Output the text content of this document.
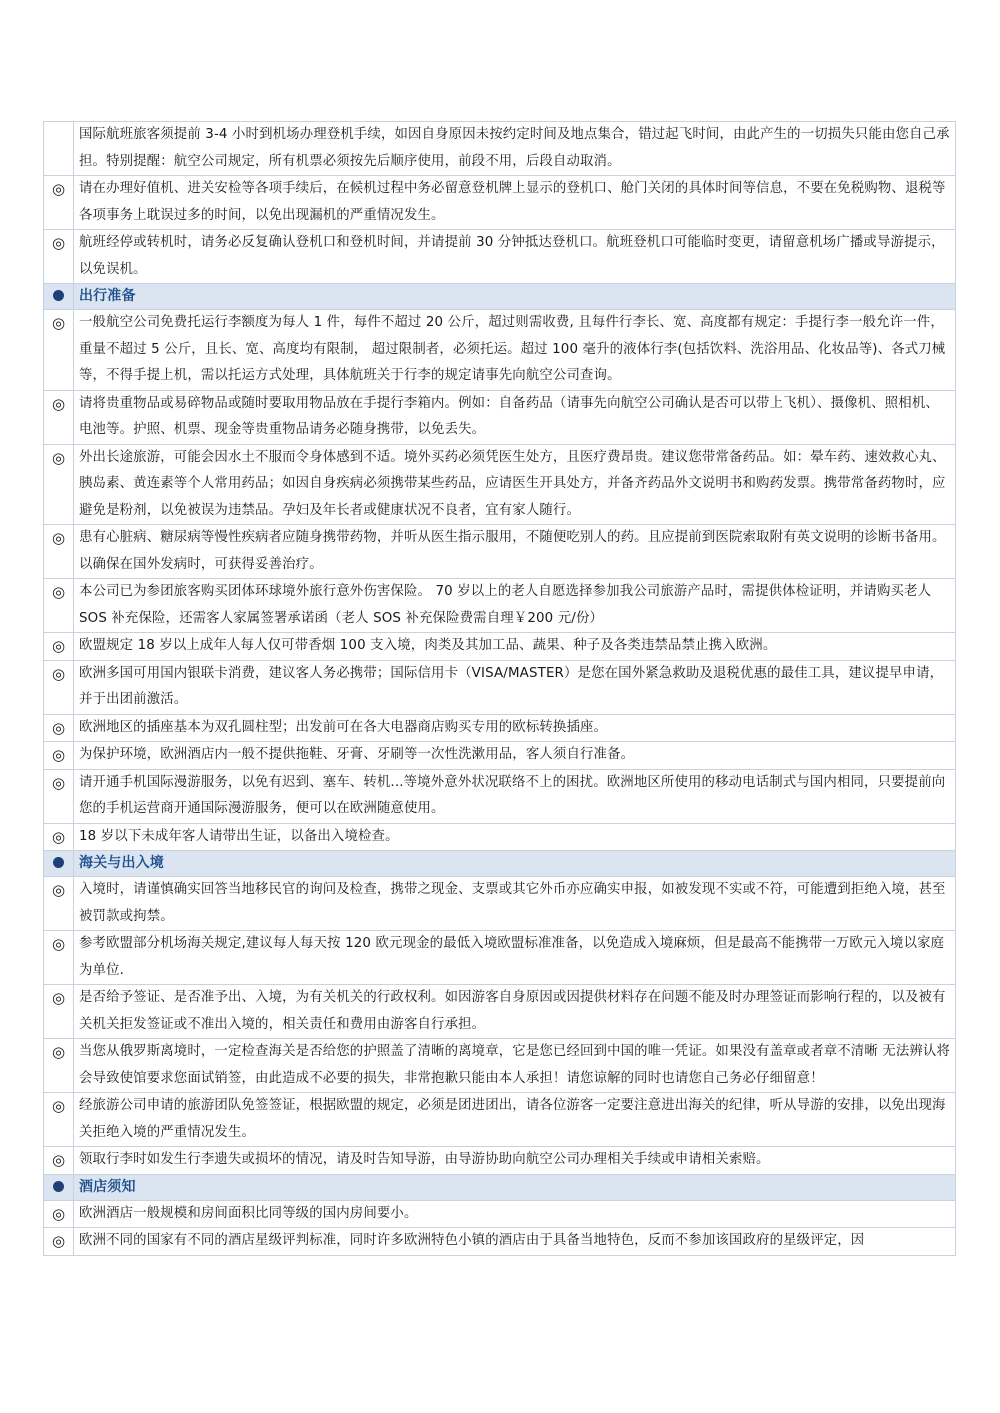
	国际航班旅客须提前 3-4 小时到机场办理登机手续，如因自身原因未按约定时间及地点集合，错过起飞时间，由此产生的一切损失只能由您自己承担。特别提醒：航空公司规定，所有机票必须按先后顺序使用，前段不用，后段自动取消。
◎	请在办理好值机、进关安检等各项手续后，在候机过程中务必留意登机牌上显示的登机口、舱门关闭的具体时间等信息，不要在免税购物、退税等各项事务上耽误过多的时间，以免出现漏机的严重情况发生。
◎	航班经停或转机时，请务必反复确认登机口和登机时间，并请提前 30 分钟抵达登机口。航班登机口可能临时变更，请留意机场广播或导游提示，以免误机。
	出行准备
◎	一般航空公司免费托运行李额度为每人 1 件，每件不超过 20 公斤，超过则需收费, 且每件行李长、宽、高度都有规定：手提行李一般允许一件，重量不超过 5 公斤，且长、宽、高度均有限制， 超过限制者，必须托运。超过 100 毫升的液体行李(包括饮料、洗浴用品、化妆品等)、各式刀械等，不得手提上机，需以托运方式处理，具体航班关于行李的规定请事先向航空公司查询。
◎	请将贵重物品或易碎物品或随时要取用物品放在手提行李箱内。例如：自备药品（请事先向航空公司确认是否可以带上飞机）、摄像机、照相机、电池等。护照、机票、现金等贵重物品请务必随身携带，以免丢失。
◎	外出长途旅游，可能会因水土不服而令身体感到不适。境外买药必须凭医生处方，且医疗费昂贵。建议您带常备药品。如：晕车药、速效救心丸、胰岛素、黄连素等个人常用药品；如因自身疾病必须携带某些药品，应请医生开具处方，并备齐药品外文说明书和购药发票。携带常备药物时，应避免是粉剂，以免被误为违禁品。孕妇及年长者或健康状况不良者，宜有家人随行。
◎	患有心脏病、糖尿病等慢性疾病者应随身携带药物，并听从医生指示服用，不随便吃别人的药。且应提前到医院索取附有英文说明的诊断书备用。以确保在国外发病时，可获得妥善治疗。
◎	本公司已为参团旅客购买团体环球境外旅行意外伤害保险。 70 岁以上的老人自愿选择参加我公司旅游产品时，需提供体检证明，并请购买老人 SOS 补充保险，还需客人家属签署承诺函（老人 SOS 补充保险费需自理￥200 元/份）
◎	欧盟规定 18 岁以上成年人每人仅可带香烟 100 支入境，肉类及其加工品、蔬果、种子及各类违禁品禁止携入欧洲。
◎	欧洲多国可用国内银联卡消费，建议客人务必携带；国际信用卡（VISA/MASTER）是您在国外紧急救助及退税优惠的最佳工具，建议提早申请，并于出团前激活。
◎	欧洲地区的插座基本为双孔圆柱型；出发前可在各大电器商店购买专用的欧标转换插座。
◎	为保护环境，欧洲酒店内一般不提供拖鞋、牙膏、牙刷等一次性洗漱用品，客人须自行准备。
◎	请开通手机国际漫游服务，以免有迟到、塞车、转机...等境外意外状况联络不上的困扰。欧洲地区所使用的移动电话制式与国内相同，只要提前向您的手机运营商开通国际漫游服务，便可以在欧洲随意使用。
◎	18 岁以下未成年客人请带出生证，以备出入境检查。
	海关与出入境
◎	入境时，请谨慎确实回答当地移民官的询问及检查，携带之现金、支票或其它外币亦应确实申报，如被发现不实或不符，可能遭到拒绝入境，甚至被罚款或拘禁。
◎	参考欧盟部分机场海关规定,建议每人每天按 120 欧元现金的最低入境欧盟标准准备，以免造成入境麻烦，但是最高不能携带一万欧元入境以家庭为单位.
◎	是否给予签证、是否准予出、入境，为有关机关的行政权利。如因游客自身原因或因提供材料存在问题不能及时办理签证而影响行程的，以及被有关机关拒发签证或不准出入境的，相关责任和费用由游客自行承担。
◎	当您从俄罗斯离境时，一定检查海关是否给您的护照盖了清晰的离境章，它是您已经回到中国的唯一凭证。如果没有盖章或者章不清晰 无法辨认将会导致使馆要求您面试销签，由此造成不必要的损失，非常抱歉只能由本人承担！请您谅解的同时也请您自己务必仔细留意！
◎	经旅游公司申请的旅游团队免签签证，根据欧盟的规定，必须是团进团出，请各位游客一定要注意进出海关的纪律，听从导游的安排，以免出现海关拒绝入境的严重情况发生。
◎	领取行李时如发生行李遗失或损坏的情况，请及时告知导游，由导游协助向航空公司办理相关手续或申请相关索赔。
	酒店须知
◎	欧洲酒店一般规模和房间面积比同等级的国内房间要小。
◎	欧洲不同的国家有不同的酒店星级评判标准，同时许多欧洲特色小镇的酒店由于具备当地特色，反而不参加该国政府的星级评定，因
